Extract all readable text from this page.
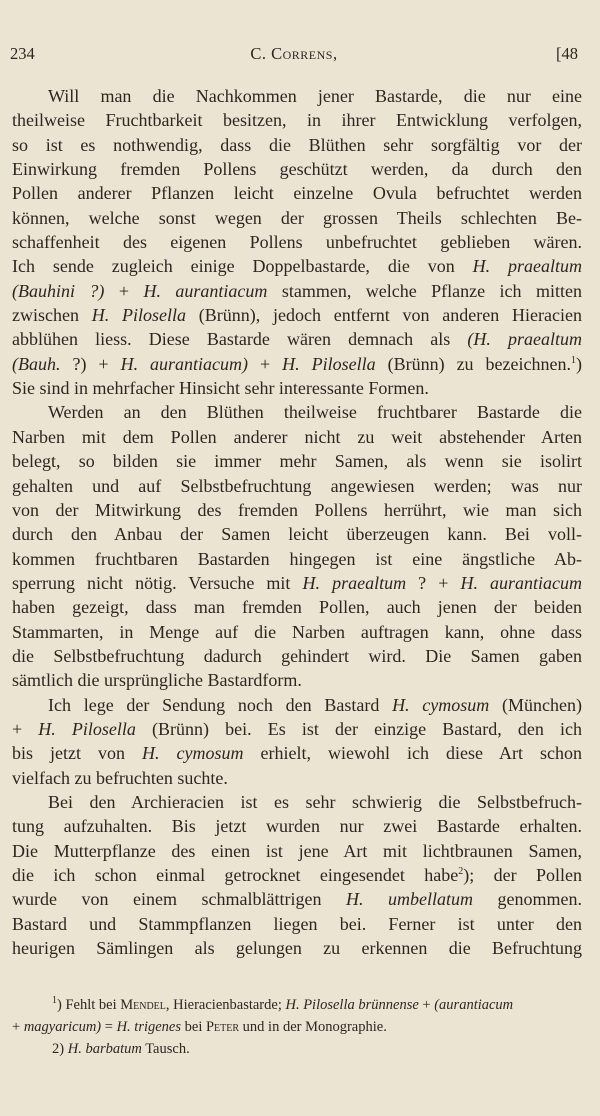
234	C. Correns,	[48
Will man die Nachkommen jener Bastarde, die nur eine
theilweise Fruchtbarkeit besitzen, in ihrer Entwicklung verfolgen,
so ist es nothwendig, dass die Blüthen sehr sorgfältig vor der
Einwirkung fremden Pollens geschützt werden, da durch den
Pollen anderer Pflanzen leicht einzelne Ovula befruchtet werden
können, welche sonst wegen der grossen Theils schlechten Be-
schaffenheit des eigenen Pollens unbefruchtet geblieben wären.
Ich sende zugleich einige Doppelbastarde, die von H. praealtum
(Bauhini ?) + H. aurantiacum stammen, welche Pflanze ich mitten
zwischen H. Pilosella (Brünn), jedoch entfernt von anderen Hieracien
abblühen liess. Diese Bastarde wären demnach als (H. praealtum
(Bauh. ?) + H. aurantiacum) + H. Pilosella (Brünn) zu bezeichnen.$^1$)
Sie sind in mehrfacher Hinsicht sehr interessante Formen.
Werden an den Blüthen theilweise fruchtbarer Bastarde die
Narben mit dem Pollen anderer nicht zu weit abstehender Arten
belegt, so bilden sie immer mehr Samen, als wenn sie isolirt
gehalten und auf Selbstbefruchtung angewiesen werden; was nur
von der Mitwirkung des fremden Pollens herrührt, wie man sich
durch den Anbau der Samen leicht überzeugen kann. Bei voll-
kommen fruchtbaren Bastarden hingegen ist eine ängstliche Ab-
sperrung nicht nötig. Versuche mit H. praealtum ? + H. aurantiacum
haben gezeigt, dass man fremden Pollen, auch jenen der beiden
Stammarten, in Menge auf die Narben auftragen kann, ohne dass
die Selbstbefruchtung dadurch gehindert wird. Die Samen gaben
sämtlich die ursprüngliche Bastardform.
Ich lege der Sendung noch den Bastard H. cymosum (München)
+ H. Pilosella (Brünn) bei. Es ist der einzige Bastard, den ich
bis jetzt von H. cymosum erhielt, wiewohl ich diese Art schon
vielfach zu befruchten suchte.
Bei den Archieracien ist es sehr schwierig die Selbstbefruch-
tung aufzuhalten. Bis jetzt wurden nur zwei Bastarde erhalten.
Die Mutterpflanze des einen ist jene Art mit lichtbraunen Samen,
die ich schon einmal getrocknet eingesendet habe$^2$); der Pollen
wurde von einem schmalblättrigen H. umbellatum genommen.
Bastard und Stammpflanzen liegen bei. Ferner ist unter den
heurigen Sämlingen als gelungen zu erkennen die Befruchtung
$^1$) Fehlt bei Mendel, Hieracienbastarde; H. Pilosella brünnense + (aurantiacum
+ magyaricum) = H. trigenes bei Peter und in der Monographie.
2) H. barbatum Tausch.
